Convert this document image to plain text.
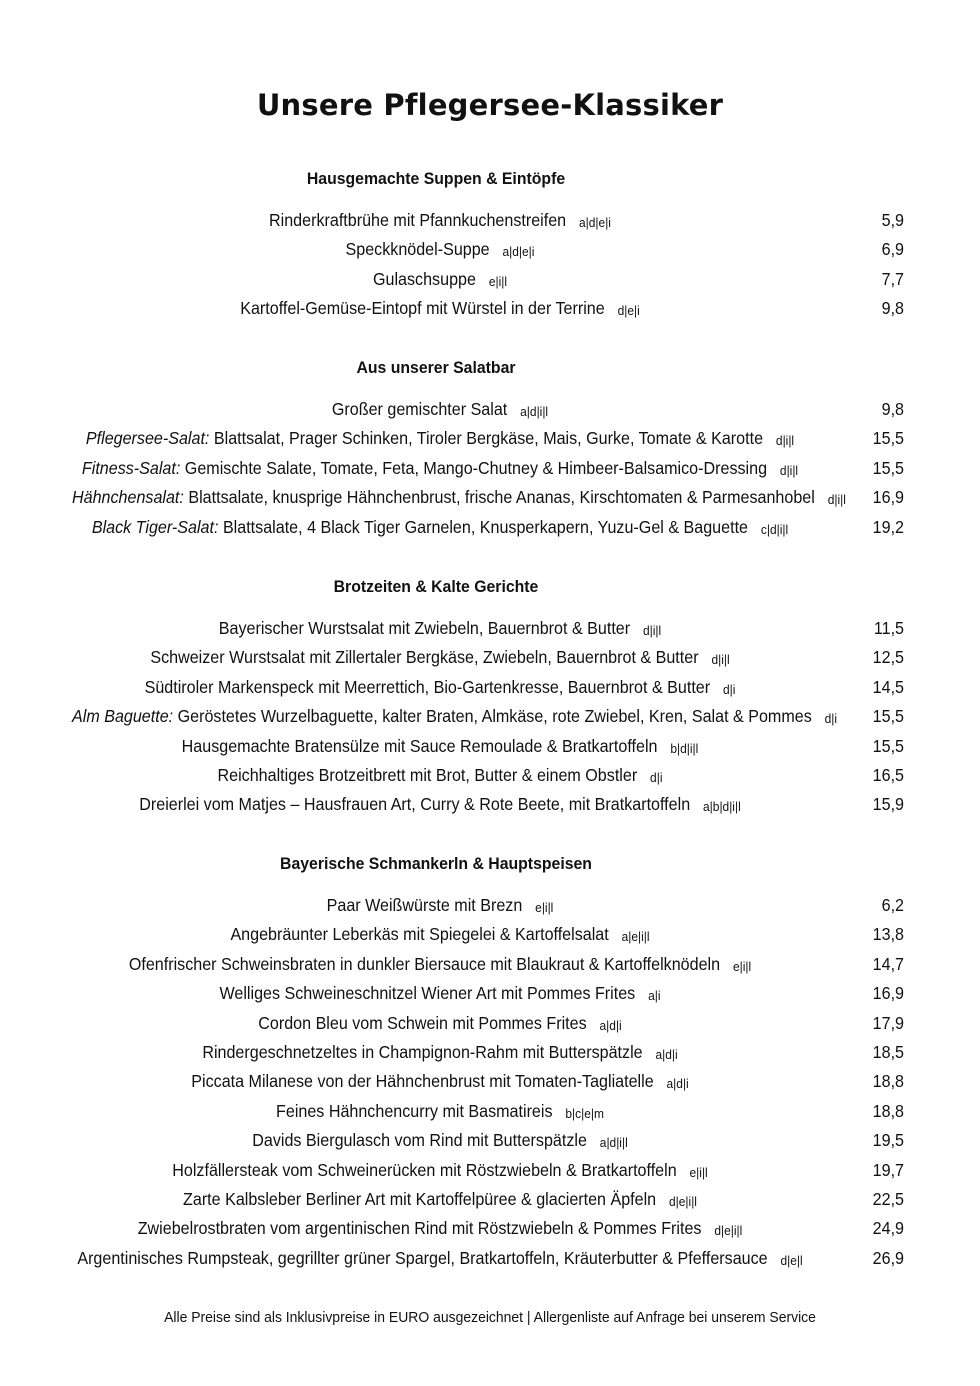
Unsere Pflegersee-Klassiker
Hausgemachte Suppen & Eintöpfe
Rinderkraftbrühe mit Pfannkuchenstreifen a|d|e|i	5,9
Speckknödel-Suppe a|d|e|i	6,9
Gulaschsuppe e|i|l	7,7
Kartoffel-Gemüse-Eintopf mit Würstel in der Terrine d|e|i	9,8
Aus unserer Salatbar
Großer gemischter Salat a|d|i|l	9,8
Pflegersee-Salat: Blattsalat, Prager Schinken, Tiroler Bergkäse, Mais, Gurke, Tomate & Karotte d|i|l	15,5
Fitness-Salat: Gemischte Salate, Tomate, Feta, Mango-Chutney & Himbeer-Balsamico-Dressing d|i|l	15,5
Hähnchensalat: Blattsalate, knusprige Hähnchenbrust, frische Ananas, Kirschtomaten & Parmesanhobel d|i|l	16,9
Black Tiger-Salat: Blattsalate, 4 Black Tiger Garnelen, Knusperkapern, Yuzu-Gel & Baguette c|d|i|l	19,2
Brotzeiten & Kalte Gerichte
Bayerischer Wurstsalat mit Zwiebeln, Bauernbrot & Butter d|i|l	11,5
Schweizer Wurstsalat mit Zillertaler Bergkäse, Zwiebeln, Bauernbrot & Butter d|i|l	12,5
Südtiroler Markenspeck mit Meerrettich, Bio-Gartenkresse, Bauernbrot & Butter d|i	14,5
Alm Baguette: Geröstetes Wurzelbaguette, kalter Braten, Almkäse, rote Zwiebel, Kren, Salat & Pommes d|i	15,5
Hausgemachte Bratensülze mit Sauce Remoulade & Bratkartoffeln b|d|i|l	15,5
Reichhaltiges Brotzeitbrett mit Brot, Butter & einem Obstler d|i	16,5
Dreierlei vom Matjes – Hausfrauen Art, Curry & Rote Beete, mit Bratkartoffeln a|b|d|i|l	15,9
Bayerische Schmankerln & Hauptspeisen
Paar Weißwürste mit Brezn e|i|l	6,2
Angebräunter Leberkäs mit Spiegelei & Kartoffelsalat a|e|i|l	13,8
Ofenfrischer Schweinsbraten in dunkler Biersauce mit Blaukraut & Kartoffelknödeln e|i|l	14,7
Welliges Schweineschnitzel Wiener Art mit Pommes Frites a|i	16,9
Cordon Bleu vom Schwein mit Pommes Frites a|d|i	17,9
Rindergeschnetzeltes in Champignon-Rahm mit Butterspätzle a|d|i	18,5
Piccata Milanese von der Hähnchenbrust mit Tomaten-Tagliatelle a|d|i	18,8
Feines Hähnchencurry mit Basmatireis b|c|e|m	18,8
Davids Biergulasch vom Rind mit Butterspätzle a|d|i|l	19,5
Holzfällersteak vom Schweinerücken mit Röstzwiebeln & Bratkartoffeln e|i|l	19,7
Zarte Kalbsleber Berliner Art mit Kartoffelpüree & glacierten Äpfeln d|e|i|l	22,5
Zwiebelrostbraten vom argentinischen Rind mit Röstzwiebeln & Pommes Frites d|e|i|l	24,9
Argentinisches Rumpsteak, gegrillter grüner Spargel, Bratkartoffeln, Kräuterbutter & Pfeffersauce d|e|l	26,9
Alle Preise sind als Inklusivpreise in EURO ausgezeichnet | Allergenliste auf Anfrage bei unserem Service
